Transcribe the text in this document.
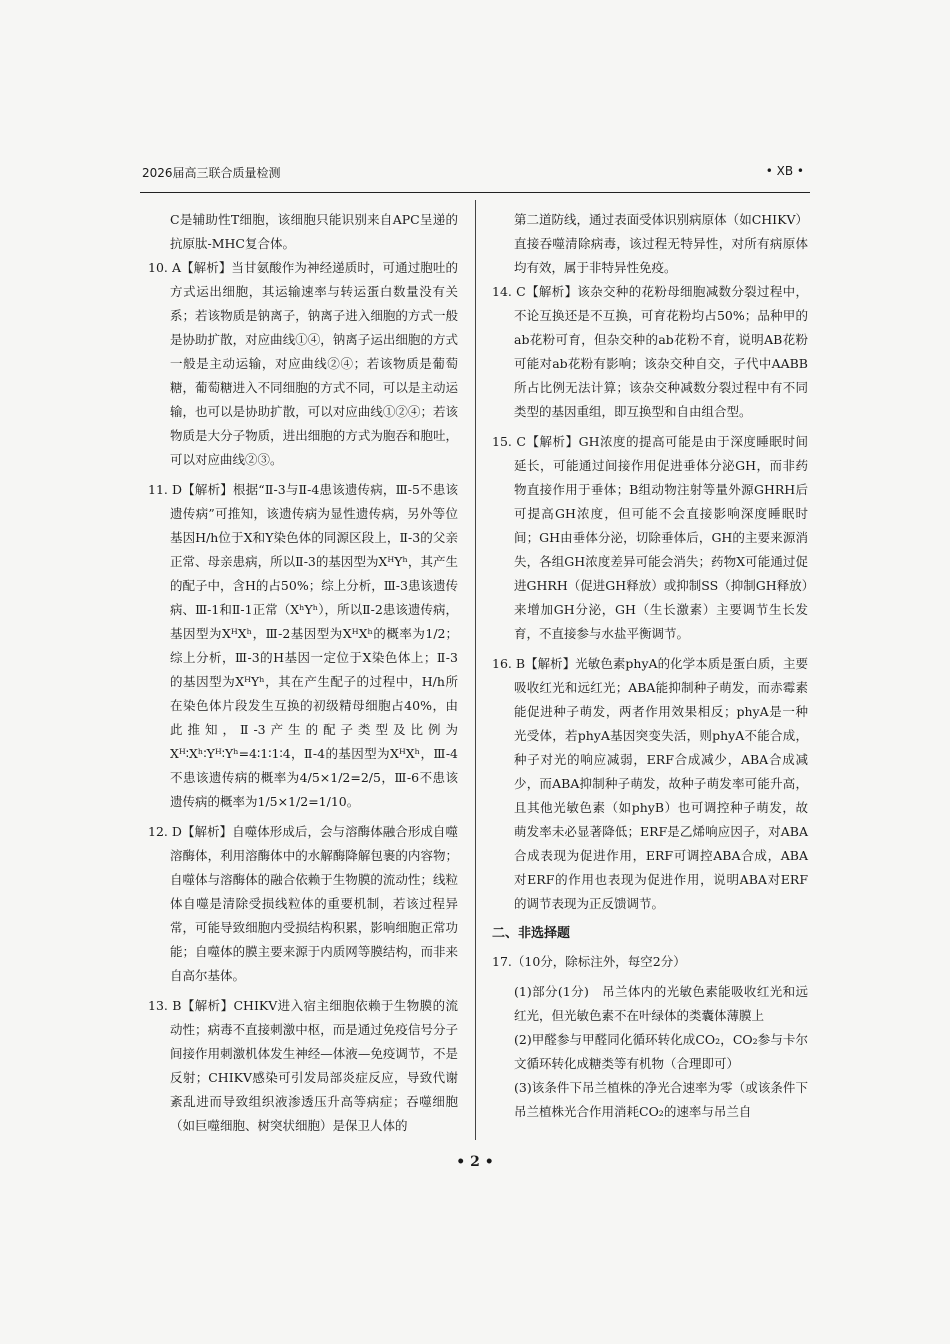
2026届高三联合质量检测	• XB •
C是辅助性T细胞，该细胞只能识别来自APC呈递的抗原肽-MHC复合体。
10. A【解析】当甘氨酸作为神经递质时，可通过胞吐的方式运出细胞，其运输速率与转运蛋白数量没有关系；若该物质是钠离子，钠离子进入细胞的方式一般是协助扩散，对应曲线①④，钠离子运出细胞的方式一般是主动运输，对应曲线②④；若该物质是葡萄糖，葡萄糖进入不同细胞的方式不同，可以是主动运输，也可以是协助扩散，可以对应曲线①②④；若该物质是大分子物质，进出细胞的方式为胞吞和胞吐，可以对应曲线②③。
11. D【解析】根据“Ⅱ-3与Ⅱ-4患该遗传病，Ⅲ-5不患该遗传病”可推知，该遗传病为显性遗传病，另外等位基因H/h位于X和Y染色体的同源区段上，Ⅱ-3的父亲正常、母亲患病，所以Ⅱ-3的基因型为XᴴYʰ，其产生的配子中，含H的占50%；综上分析，Ⅲ-3患该遗传病、Ⅲ-1和Ⅱ-1正常（XʰYʰ），所以Ⅱ-2患该遗传病，基因型为XᴴXʰ，Ⅲ-2基因型为XᴴXʰ的概率为1/2；综上分析，Ⅲ-3的H基因一定位于X染色体上；Ⅱ-3的基因型为XᴴYʰ，其在产生配子的过程中，H/h所在染色体片段发生互换的初级精母细胞占40%，由此推知，Ⅱ-3产生的配子类型及比例为Xᴴ∶Xʰ∶Yᴴ∶Yʰ=4∶1∶1∶4，Ⅱ-4的基因型为XᴴXʰ，Ⅲ-4不患该遗传病的概率为4/5×1/2=2/5，Ⅲ-6不患该遗传病的概率为1/5×1/2=1/10。
12. D【解析】自噬体形成后，会与溶酶体融合形成自噬溶酶体，利用溶酶体中的水解酶降解包裹的内容物；自噬体与溶酶体的融合依赖于生物膜的流动性；线粒体自噬是清除受损线粒体的重要机制，若该过程异常，可能导致细胞内受损结构积累，影响细胞正常功能；自噬体的膜主要来源于内质网等膜结构，而非来自高尔基体。
13. B【解析】CHIKV进入宿主细胞依赖于生物膜的流动性；病毒不直接刺激中枢，而是通过免疫信号分子间接作用刺激机体发生神经—体液—免疫调节，不是反射；CHIKV感染可引发局部炎症反应，导致代谢紊乱进而导致组织液渗透压升高等病症；吞噬细胞（如巨噬细胞、树突状细胞）是保卫人体的
第二道防线，通过表面受体识别病原体（如CHIKV）直接吞噬清除病毒，该过程无特异性，对所有病原体均有效，属于非特异性免疫。
14. C【解析】该杂交种的花粉母细胞减数分裂过程中，不论互换还是不互换，可育花粉均占50%；品种甲的ab花粉可育，但杂交种的ab花粉不育，说明AB花粉可能对ab花粉有影响；该杂交种自交，子代中AABB所占比例无法计算；该杂交种减数分裂过程中有不同类型的基因重组，即互换型和自由组合型。
15. C【解析】GH浓度的提高可能是由于深度睡眠时间延长，可能通过间接作用促进垂体分泌GH，而非药物直接作用于垂体；B组动物注射等量外源GHRH后可提高GH浓度，但可能不会直接影响深度睡眠时间；GH由垂体分泌，切除垂体后，GH的主要来源消失，各组GH浓度差异可能会消失；药物X可能通过促进GHRH（促进GH释放）或抑制SS（抑制GH释放）来增加GH分泌，GH（生长激素）主要调节生长发育，不直接参与水盐平衡调节。
16. B【解析】光敏色素phyA的化学本质是蛋白质，主要吸收红光和远红光；ABA能抑制种子萌发，而赤霉素能促进种子萌发，两者作用效果相反；phyA是一种光受体，若phyA基因突变失活，则phyA不能合成，种子对光的响应减弱，ERF合成减少，ABA合成减少，而ABA抑制种子萌发，故种子萌发率可能升高，且其他光敏色素（如phyB）也可调控种子萌发，故萌发率未必显著降低；ERF是乙烯响应因子，对ABA合成表现为促进作用，ERF可调控ABA合成，ABA对ERF的作用也表现为促进作用，说明ABA对ERF的调节表现为正反馈调节。
二、非选择题
17.（10分，除标注外，每空2分）
(1)部分(1分)　吊兰体内的光敏色素能吸收红光和远红光，但光敏色素不在叶绿体的类囊体薄膜上
(2)甲醛参与甲醛同化循环转化成CO₂，CO₂参与卡尔文循环转化成糖类等有机物（合理即可）
(3)该条件下吊兰植株的净光合速率为零（或该条件下吊兰植株光合作用消耗CO₂的速率与吊兰自
• 2 •
